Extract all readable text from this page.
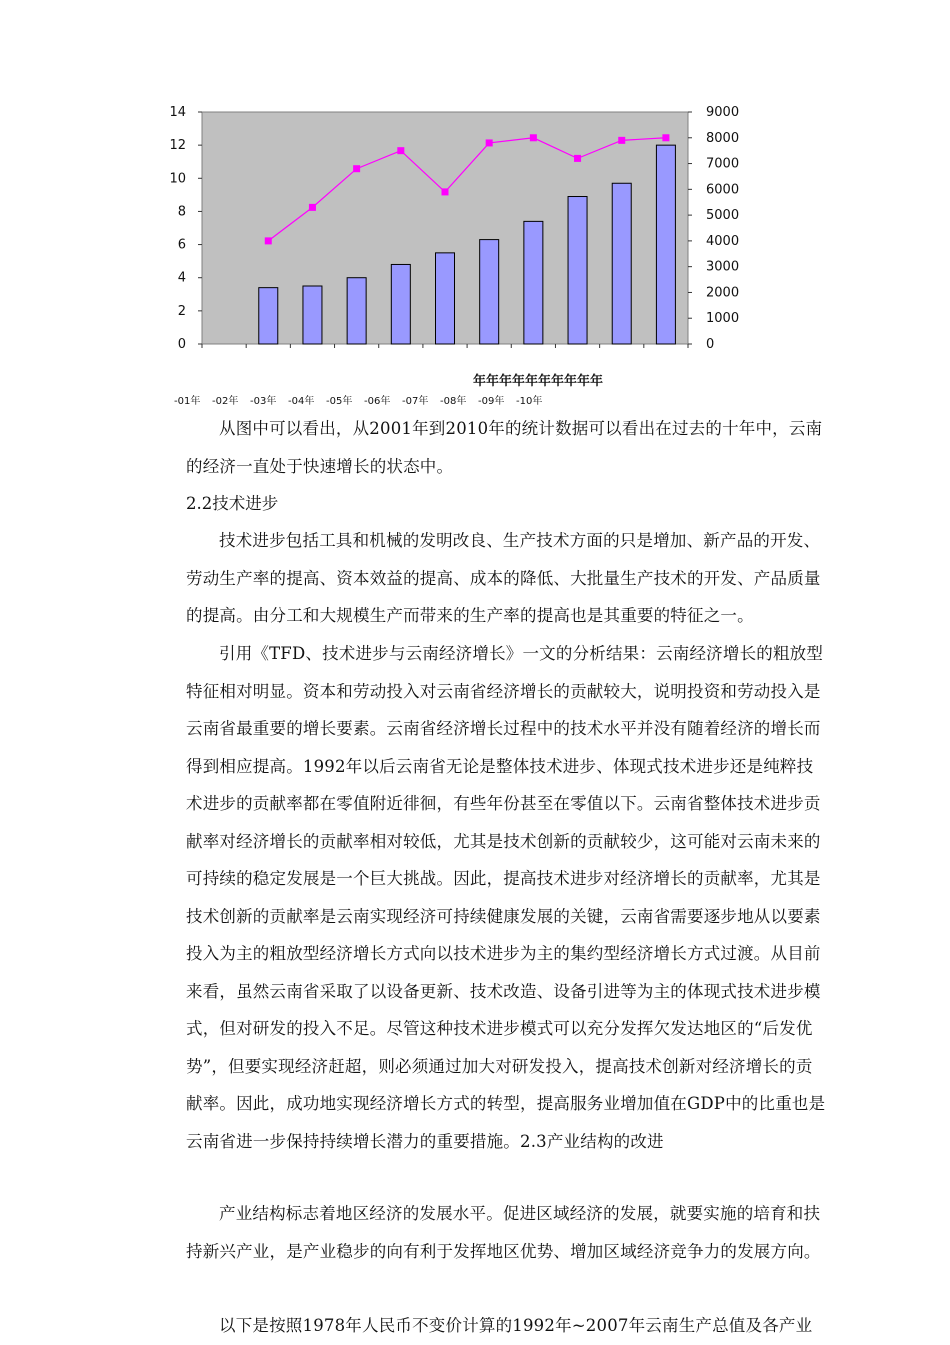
0
2
4
6
8
10
12
14
0
1000
2000
3000
4000
5000
6000
7000
8000
9000
年年年年年年年年年年
-01年 -02年 -03年 -04年 -05年 -06年 -07年 -08年 -09年 -10年

从图中可以看出，从2001年到2010年的统计数据可以看出在过去的十年中，云南的经济一直处于快速增长的状态中。

2.2技术进步

技术进步包括工具和机械的发明改良、生产技术方面的只是增加、新产品的开发、劳动生产率的提高、资本效益的提高、成本的降低、大批量生产技术的开发、产品质量的提高。由分工和大规模生产而带来的生产率的提高也是其重要的特征之一。

引用《TFD、技术进步与云南经济增长》一文的分析结果：云南经济增长的粗放型特征相对明显。资本和劳动投入对云南省经济增长的贡献较大，说明投资和劳动投入是云南省最重要的增长要素。云南省经济增长过程中的技术水平并没有随着经济的增长而得到相应提高。1992年以后云南省无论是整体技术进步、体现式技术进步还是纯粹技术进步的贡献率都在零值附近徘徊，有些年份甚至在零值以下。云南省整体技术进步贡献率对经济增长的贡献率相对较低，尤其是技术创新的贡献较少，这可能对云南未来的可持续的稳定发展是一个巨大挑战。因此，提高技术进步对经济增长的贡献率，尤其是技术创新的贡献率是云南实现经济可持续健康发展的关键，云南省需要逐步地从以要素投入为主的粗放型经济增长方式向以技术进步为主的集约型经济增长方式过渡。从目前来看，虽然云南省采取了以设备更新、技术改造、设备引进等为主的体现式技术进步模式，但对研发的投入不足。尽管这种技术进步模式可以充分发挥欠发达地区的“后发优势”，但要实现经济赶超，则必须通过加大对研发投入，提高技术创新对经济增长的贡献率。因此，成功地实现经济增长方式的转型，提高服务业增加值在GDP中的比重也是云南省进一步保持持续增长潜力的重要措施。2.3产业结构的改进

产业结构标志着地区经济的发展水平。促进区域经济的发展，就要实施的培育和扶持新兴产业，是产业稳步的向有利于发挥地区优势、增加区域经济竞争力的发展方向。

以下是按照1978年人民币不变价计算的1992年~2007年云南生产总值及各产业
